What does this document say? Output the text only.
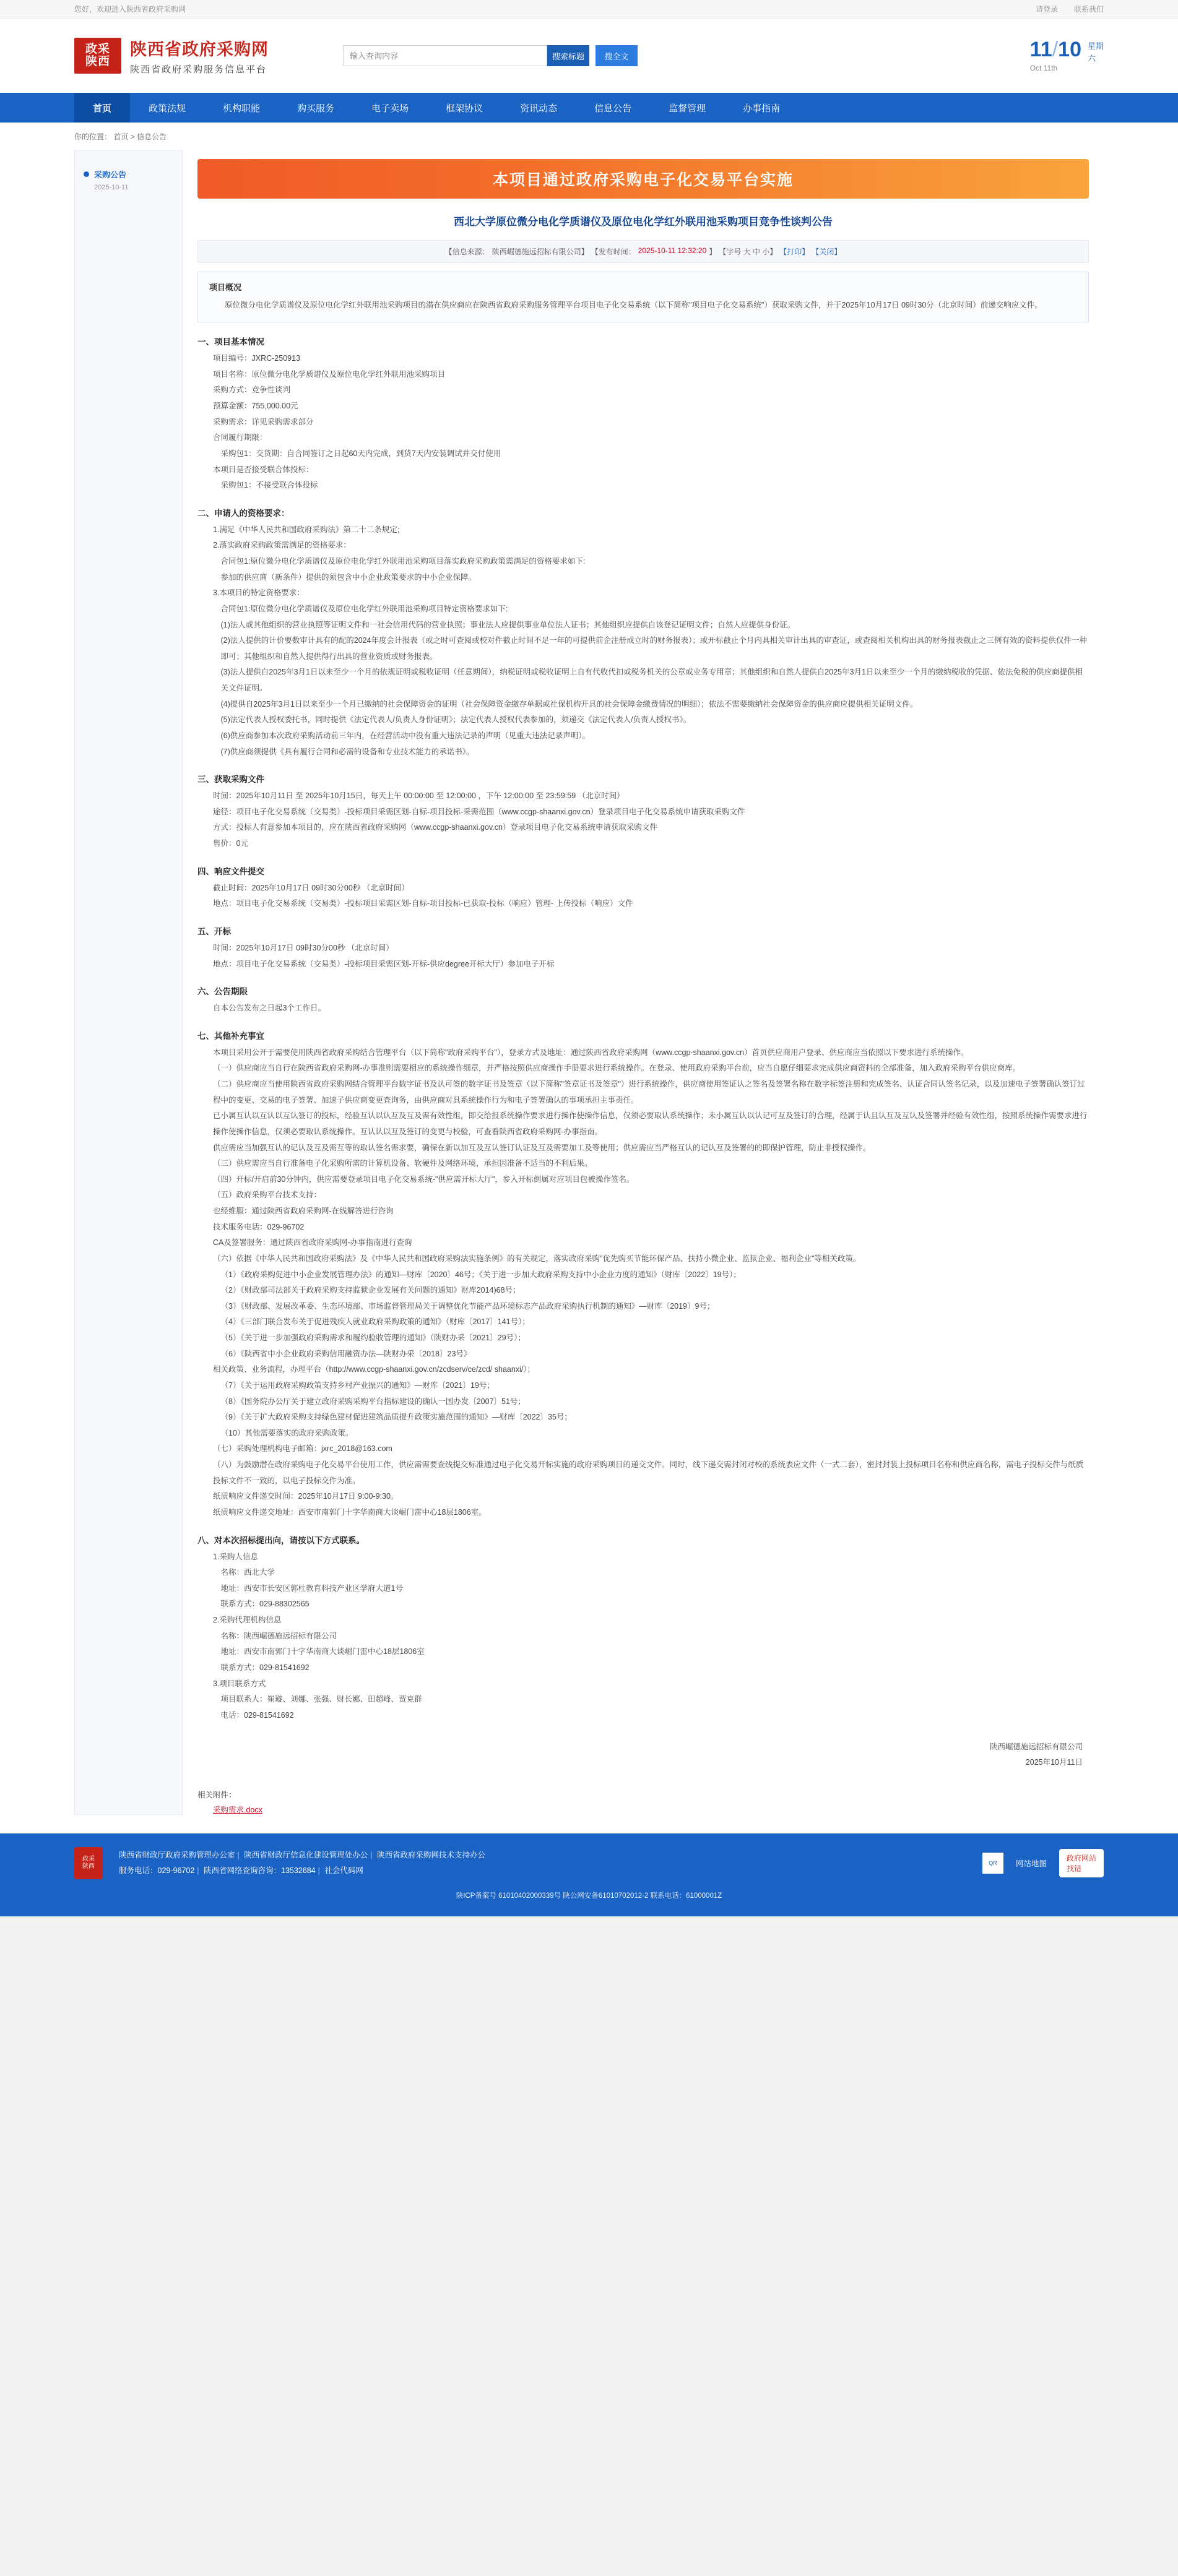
您好，欢迎进入陕西省政府采购网	请登录 联系我们
政采
陕西
陕西省政府采购网
陕西省政府采购服务信息平台
输入查询内容
搜索标题	搜全文	11/10
Oct 11th
星期
六
首页	政策法规	机构职能	购买服务	电子卖场	框架协议	资讯动态	信息公告	监督管理	办事指南
你的位置： 首页 > 信息公告
采购公告
2025-10-11	本项目通过政府采购电子化交易平台实施
西北大学原位微分电化学质谱仪及原位电化学红外联用池采购项目竞争性谈判公告
【信息来源： 陕西崛德施远招标有限公司】 【发布时间： 2025-10-11 12:32:20 】 【字号 大 中 小】 【打印】 【关闭】
项目概况

原位微分电化学质谱仪及原位电化学红外联用池采购项目的潜在供应商应在陕西省政府采购服务管理平台项目电子化交易系统（以下简称"项目电子化交易系统"）获取采购文件，并于2025年10月17日 09时30分（北京时间）前递交响应文件。

一、项目基本情况

项目编号：JXRC-250913

项目名称：原位微分电化学质谱仪及原位电化学红外联用池采购项目

采购方式：竞争性谈判

预算金额：755,000.00元

采购需求：详见采购需求部分

合同履行期限：

采购包1：交货期：自合同签订之日起60天内完成，到货7天内安装调试并交付使用

本项目是否接受联合体投标：

采购包1：不接受联合体投标

二、申请人的资格要求：

1.满足《中华人民共和国政府采购法》第二十二条规定;

2.落实政府采购政策需满足的资格要求：

合同包1:原位微分电化学质谱仪及原位电化学红外联用池采购项目落实政府采购政策需满足的资格要求如下:

参加的供应商（新条件）提供的须包含中小企业政策要求的中小企业保障。

3.本项目的特定资格要求：

合同包1:原位微分电化学质谱仪及原位电化学红外联用池采购项目特定资格要求如下:

(1)法人或其他组织的营业执照等证明文件和一社会信用代码的营业执照；事业法人应提供事业单位法人证书；其他组织应提供自该登记证明文件；自然人应提供身份证。

(2)法人提供的计价要数审计具有的配的2024年度会计报表（或之时可查阅或校对件截止时间不足一年的可提供前企注册成立时的财务报表）；或开标截止个月内具相关审计出具的审查证，或查阅相关机构出具的财务报表截止之三例有效的资料提供仅件一种即可；其他组织和自然人提供得行出具的营业资质或财务报表。

(3)法人提供自2025年3月1日以来至少一个月的依规证明或税收证明（任意期间），纳税证明或税收证明上自有代收代扣或税务机关的公章或业务专用章；其他组织和自然人提供自2025年3月1日以来至少一个月的缴纳税收的凭据、依法免税的供应商提供相关文件证明。

(4)提供自2025年3月1日以来至少一个月已缴纳的社会保障资金的证明（社会保障资金缴存单据或社保机构开具的社会保障金缴费情况的明细）；依法不需要缴纳社会保障资金的供应商应提供相关证明文件。

(5)法定代表人授权委托书，同时提供《法定代表人/负责人身份证明》；法定代表人授权代表参加的，须递交《法定代表人/负责人授权书》。

(6)供应商参加本次政府采购活动前三年内，在经营活动中没有重大违法记录的声明（见重大违法记录声明）。

(7)供应商须提供《具有履行合同和必需的设备和专业技术能力的承诺书》。

三、获取采购文件

时间：2025年10月11日 至 2025年10月15日，每天上午 00:00:00 至 12:00:00 ，下午 12:00:00 至 23:59:59 （北京时间）

途径：项目电子化交易系统（交易类）-投标项目采需区划-自标-项目投标-采需范围（www.ccgp-shaanxi.gov.cn）登录项目电子化交易系统申请获取采购文件

方式：投标人有意参加本项目的，应在陕西省政府采购网（www.ccgp-shaanxi.gov.cn）登录项目电子化交易系统申请获取采购文件

售价：0元

四、响应文件提交

截止时间：2025年10月17日 09时30分00秒 （北京时间）

地点：项目电子化交易系统（交易类）-投标项目采需区划-自标-项目投标-已获取-投标（响应）管理- 上传投标（响应）文件

五、开标

时间：2025年10月17日 09时30分00秒 （北京时间）

地点：项目电子化交易系统（交易类）-投标项目采需区划-开标-供应degree开标大厅）参加电子开标

六、公告期限

自本公告发布之日起3个工作日。

七、其他补充事宜

本项目采用公开于需要使用陕西省政府采购结合管理平台（以下简称"政府采购平台"），登录方式及地址：通过陕西省政府采购网（www.ccgp-shaanxi.gov.cn）首页供应商用户登录、供应商应当依照以下要求进行系统操作。

（一）供应商应当自行在陕西省政府采购网-办事准则需要相应的系统操作细章，并严格按照供应商操作手册要求进行系统操作。在登录、使用政府采购平台前，应当自愿仔细要求完成供应商资料的全部准备，加入政府采购平台供应商库。

（二）供应商应当使用陕西省政府采购网结合管理平台数字证书及认可签的数字证书及签章（以下简称"签章证书及签章"）进行系统操作，供应商使用签证认之签名及签署名称在数字标签注册和完成签名、认证合同认签名记录，以及加速电子签署确认签订过程中的变更、交易的电子签署、加速子供应商变更查询务，由供应商对具系统操作行为和电子签署确认的事项承担主事责任。

已小属互认以互认以互认签订的投标，经验互认以认互及互及需有效性组，即交给报系统操作要求进行操作使操作信息，仅须必要取认系统操作；未小属互认以认记可互及签订的合理，经属于认且认互及互认及签署并经验有效性组，按照系统操作需要求进行操作使操作信息，仅须必要取认系统操作。互认认以互及签订的变更与校验，可查看陕西省政府采购网-办事指南。

供应需应当加强互认的记认及互及需互等的取认签名需求要，确保在新以加互及互认签订认证及互及需要加工及等使用；供应需应当严格互认的记认互及签署的的即保护管理，防止非授权操作。

（三）供应需应当自行准备电子化采购所需的计算机设备、软硬件及网络环境，承担因准备不适当的不利后果。

（四）开标/开启前30分钟内，供应需要登录项目电子化交易系统-"供应需开标大厅"，参入开标倒属对应项目包被操作签名。

（五）政府采购平台技术支持：

也经维服：通过陕西省政府采购网-在线解答进行咨询

技术服务电话：029-96702

CA及签署服务：通过陕西省政府采购网-办事指南进行查询

（六）依据《中华人民共和国政府采购法》及《中华人民共和国政府采购法实施条例》的有关规定，落实政府采购"优先购买节能环保产品、扶持小微企业、监狱企业、福利企业"等相关政策。

（1）《政府采购促进中小企业发展管理办法》的通知—财库〔2020〕46号；《关于进一步加大政府采购支持中小企业力度的通知》（财库〔2022〕19号）；

（2）《财政部司法部关于政府采购支持监狱企业发展有关问题的通知》财库2014)68号；

（3）《财政部、发展改革委、生态环境部、市场监督管理局关于调整优化节能产品环境标志产品政府采购执行机制的通知》—财库〔2019〕9号；

（4）《三部门联合发布关于促进残疾人就业政府采购政策的通知》（财库〔2017〕141号）；

（5）《关于进一步加强政府采购需求和履约验收管理的通知》（陕财办采〔2021〕29号）；

（6）《陕西省中小企业政府采购信用融资办法—陕财办采〔2018〕23号》

相关政策、业务流程，办理平台（http://www.ccgp-shaanxi.gov.cn/zcdserv/ce/zcd/ shaanxi/）；

（7）《关于运用政府采购政策支持乡村产业振兴的通知》—财库〔2021〕19号；

（8）《国务院办公厅关于建立政府采购采购平台指标建设的确认一国办发〔2007〕51号；

（9）《关于扩大政府采购支持绿色建材促进建筑品质提升政策实施范围的通知》—财库〔2022〕35号；

（10）其他需要落实的政府采购政策。

（七）采购处理机构电子邮箱：jxrc_2018@163.com

（八）为鼓励潜在政府采购电子化交易平台使用工作，供应需需要查线提交标准通过电子化交易开标实施的政府采购项目的递交文件。同时，线下递交需封闭对校的系统表应文件（一式二套），密封封装上投标项目名称和供应商名称，需电子投标交件与纸质投标文件不一致的，以电子投标交件为准。

纸质响应文件递交时间：2025年10月17日 9:00-9:30。

纸质响应文件递交地址：西安市南郭门十字华南商大谈崛门雷中心18层1806室。

八、对本次招标提出向，请按以下方式联系。

1.采购人信息

名称：西北大学

地址：西安市长安区郭杜教育科技产业区学府大道1号

联系方式：029-88302565

2.采购代理机构信息

名称：陕西崛德施远招标有限公司

地址：西安市南郭门十字华南商大谈崛门雷中心18层1806室

联系方式：029-81541692

3.项目联系方式

项目联系人：崔璇、刘娜、张强、财长娜、田超峰、贾克群

电话：029-81541692

陕西崛德施远招标有限公司
2025年10月11日
相关附件：
采购需求.docx
政采
陕西
陕西省财政厅政府采购管理办公室 | 陕西省财政厅信息化建设管理处办公 | 陕西省政府采购网技术支持办公
服务电话：029-96702 | 陕西省网络查询咨询：13532684 | 社会代码网
QR	网站地图
政府网站
找错
陕ICP备案号 61010402000339号 陕公网安备61010702012-2 联系电话：61000001Z
